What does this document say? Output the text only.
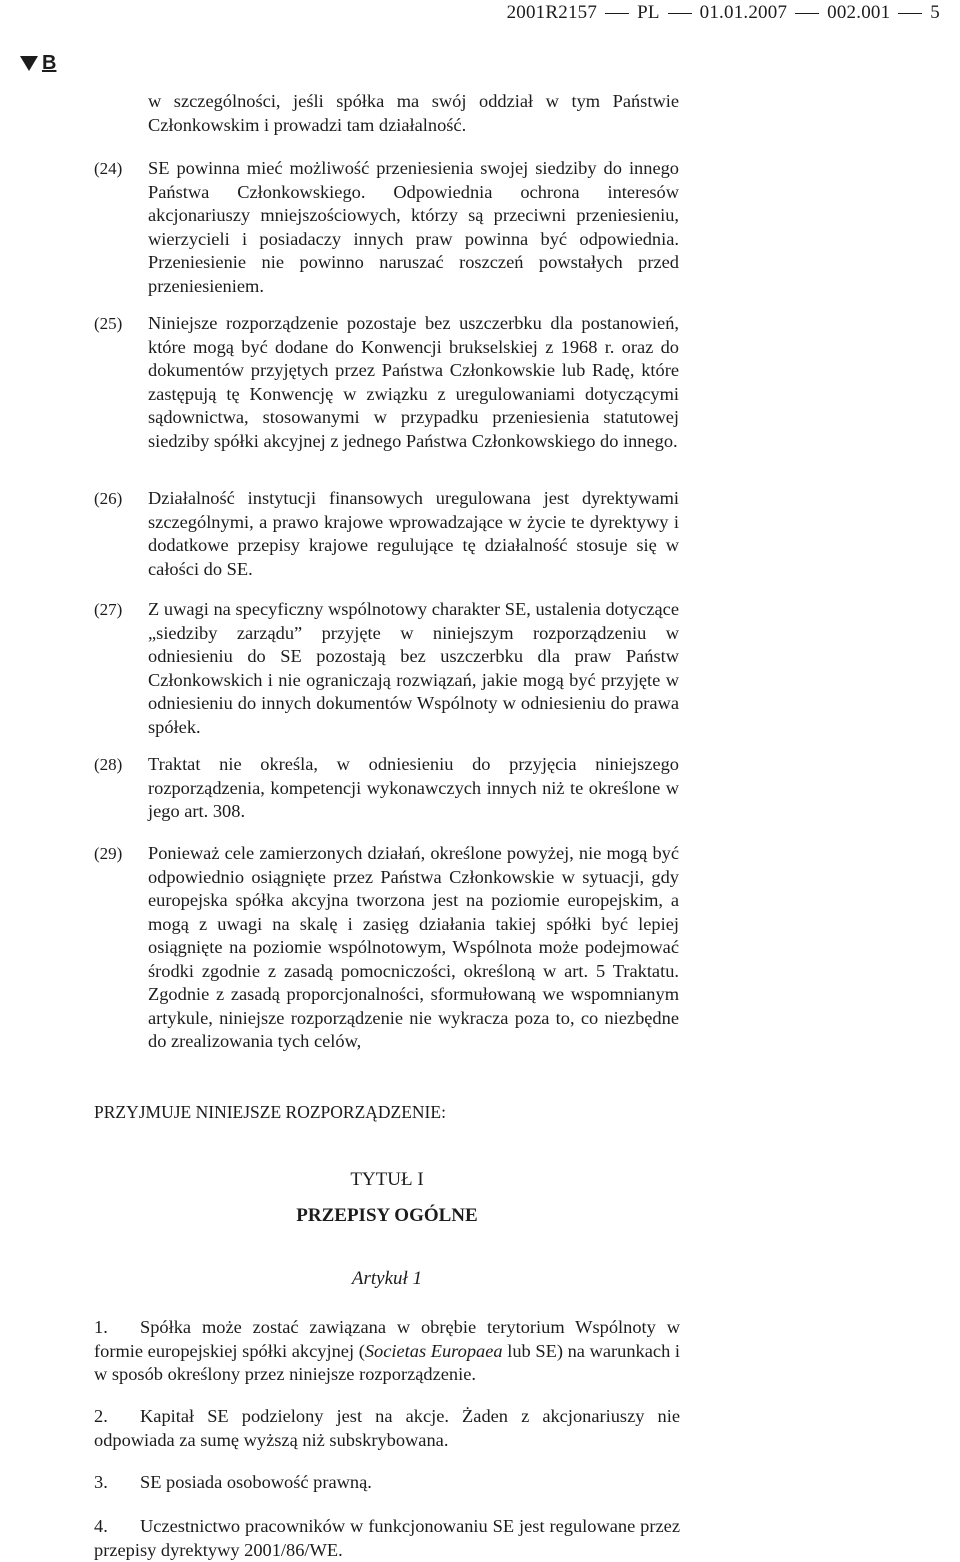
2001R2157 PL 01.01.2007 002.001 5
B
w szczególności, jeśli spółka ma swój oddział w tym Państwie Członkowskim i prowadzi tam działalność.
(24) SE powinna mieć możliwość przeniesienia swojej siedziby do innego Państwa Członkowskiego. Odpowiednia ochrona interesów akcjonariuszy mniejszościowych, którzy są przeciwni przeniesieniu, wierzycieli i posiadaczy innych praw powinna być odpowiednia. Przeniesienie nie powinno naruszać roszczeń powstałych przed przeniesieniem.
(25) Niniejsze rozporządzenie pozostaje bez uszczerbku dla postanowień, które mogą być dodane do Konwencji brukselskiej z 1968 r. oraz do dokumentów przyjętych przez Państwa Członkowskie lub Radę, które zastępują tę Konwencję w związku z uregulowaniami dotyczącymi sądownictwa, stosowanymi w przypadku przeniesienia statutowej siedziby spółki akcyjnej z jednego Państwa Członkowskiego do innego.
(26) Działalność instytucji finansowych uregulowana jest dyrektywami szczególnymi, a prawo krajowe wprowadzające w życie te dyrektywy i dodatkowe przepisy krajowe regulujące tę działalność stosuje się w całości do SE.
(27) Z uwagi na specyficzny wspólnotowy charakter SE, ustalenia dotyczące „siedziby zarządu” przyjęte w niniejszym rozporządzeniu w odniesieniu do SE pozostają bez uszczerbku dla praw Państw Członkowskich i nie ograniczają rozwiązań, jakie mogą być przyjęte w odniesieniu do innych dokumentów Wspólnoty w odniesieniu do prawa spółek.
(28) Traktat nie określa, w odniesieniu do przyjęcia niniejszego rozporządzenia, kompetencji wykonawczych innych niż te określone w jego art. 308.
(29) Ponieważ cele zamierzonych działań, określone powyżej, nie mogą być odpowiednio osiągnięte przez Państwa Członkowskie w sytuacji, gdy europejska spółka akcyjna tworzona jest na poziomie europejskim, a mogą z uwagi na skalę i zasięg działania takiej spółki być lepiej osiągnięte na poziomie wspólnotowym, Wspólnota może podejmować środki zgodnie z zasadą pomocniczości, określoną w art. 5 Traktatu. Zgodnie z zasadą proporcjonalności, sformułowaną we wspomnianym artykule, niniejsze rozporządzenie nie wykracza poza to, co niezbędne do zrealizowania tych celów,
PRZYJMUJE NINIEJSZE ROZPORZĄDZENIE:
TYTUŁ I
PRZEPISY OGÓLNE
Artykuł 1
1. Spółka może zostać zawiązana w obrębie terytorium Wspólnoty w formie europejskiej spółki akcyjnej (Societas Europaea lub SE) na warunkach i w sposób określony przez niniejsze rozporządzenie.
2. Kapitał SE podzielony jest na akcje. Żaden z akcjonariuszy nie odpowiada za sumę wyższą niż subskrybowana.
3. SE posiada osobowość prawną.
4. Uczestnictwo pracowników w funkcjonowaniu SE jest regulowane przez przepisy dyrektywy 2001/86/WE.
